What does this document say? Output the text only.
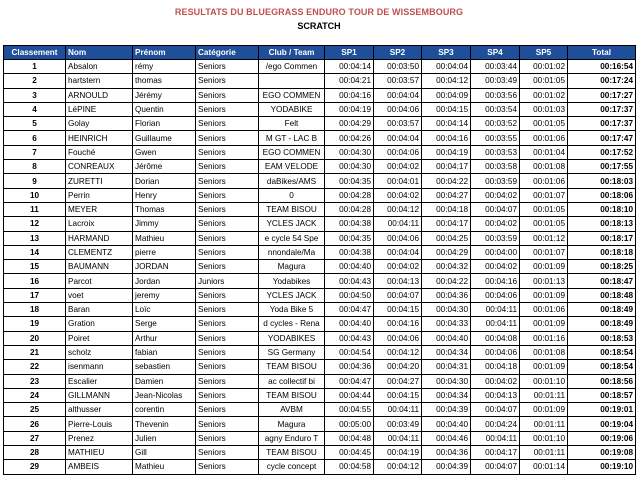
RESULTATS DU BLUEGRASS ENDURO TOUR DE WISSEMBOURG
SCRATCH
Classement	Nom	Prénom	Catégorie	Club / Team	SP1	SP2	SP3	SP4	SP5	Total
1	Absalon	rémy	Seniors	/ego Commen	00:04:14	00:03:50	00:04:04	00:03:44	00:01:02	00:16:54
2	hartstern	thomas	Seniors		00:04:21	00:03:57	00:04:12	00:03:49	00:01:05	00:17:24
3	ARNOULD	Jérémy	Seniors	EGO COMMEN	00:04:16	00:04:04	00:04:09	00:03:56	00:01:02	00:17:27
4	LéPINE	Quentin	Seniors	YODABIKE	00:04:19	00:04:06	00:04:15	00:03:54	00:01:03	00:17:37
5	Golay	Florian	Seniors	Felt	00:04:29	00:03:57	00:04:14	00:03:52	00:01:05	00:17:37
6	HEINRICH	Guillaume	Seniors	M GT - LAC B	00:04:26	00:04:04	00:04:16	00:03:55	00:01:06	00:17:47
7	Fouché	Gwen	Seniors	EGO COMMEN	00:04:30	00:04:06	00:04:19	00:03:53	00:01:04	00:17:52
8	CONREAUX	Jérôme	Seniors	EAM VELODE	00:04:30	00:04:02	00:04:17	00:03:58	00:01:08	00:17:55
9	ZURETTI	Dorian	Seniors	daBikes/AMS	00:04:35	00:04:01	00:04:22	00:03:59	00:01:06	00:18:03
10	Perrin	Henry	Seniors	0	00:04:28	00:04:02	00:04:27	00:04:02	00:01:07	00:18:06
11	MEYER	Thomas	Seniors	TEAM BISOU	00:04:28	00:04:12	00:04:18	00:04:07	00:01:05	00:18:10
12	Lacroix	Jimmy	Seniors	YCLES JACK	00:04:38	00:04:11	00:04:17	00:04:02	00:01:05	00:18:13
13	HARMAND	Mathieu	Seniors	e cycle 54 Spe	00:04:35	00:04:06	00:04:25	00:03:59	00:01:12	00:18:17
14	CLEMENTZ	pierre	Seniors	nnondale/Ma	00:04:38	00:04:04	00:04:29	00:04:00	00:01:07	00:18:18
15	BAUMANN	JORDAN	Seniors	Magura	00:04:40	00:04:02	00:04:32	00:04:02	00:01:09	00:18:25
16	Parcot	Jordan	Juniors	Yodabikes	00:04:43	00:04:13	00:04:22	00:04:16	00:01:13	00:18:47
17	voet	jeremy	Seniors	YCLES JACK	00:04:50	00:04:07	00:04:36	00:04:06	00:01:09	00:18:48
18	Baran	Loïc	Seniors	Yoda Bike 5	00:04:47	00:04:15	00:04:30	00:04:11	00:01:06	00:18:49
19	Gration	Serge	Seniors	d cycles - Rena	00:04:40	00:04:16	00:04:33	00:04:11	00:01:09	00:18:49
20	Poiret	Arthur	Seniors	YODABIKES	00:04:43	00:04:06	00:04:40	00:04:08	00:01:16	00:18:53
21	scholz	fabian	Seniors	SG Germany	00:04:54	00:04:12	00:04:34	00:04:06	00:01:08	00:18:54
22	isenmann	sebastien	Seniors	TEAM BISOU	00:04:36	00:04:20	00:04:31	00:04:18	00:01:09	00:18:54
23	Escalier	Damien	Seniors	ac collectif bi	00:04:47	00:04:27	00:04:30	00:04:02	00:01:10	00:18:56
24	GILLMANN	Jean-Nicolas	Seniors	TEAM BISOU	00:04:44	00:04:15	00:04:34	00:04:13	00:01:11	00:18:57
25	althusser	corentin	Seniors	AVBM	00:04:55	00:04:11	00:04:39	00:04:07	00:01:09	00:19:01
26	Pierre-Louis	Thevenin	Seniors	Magura	00:05:00	00:03:49	00:04:40	00:04:24	00:01:11	00:19:04
27	Prenez	Julien	Seniors	agny Enduro T	00:04:48	00:04:11	00:04:46	00:04:11	00:01:10	00:19:06
28	MATHIEU	Gill	Seniors	TEAM BISOU	00:04:45	00:04:19	00:04:36	00:04:17	00:01:11	00:19:08
29	AMBEIS	Mathieu	Seniors	cycle concept	00:04:58	00:04:12	00:04:39	00:04:07	00:01:14	00:19:10
